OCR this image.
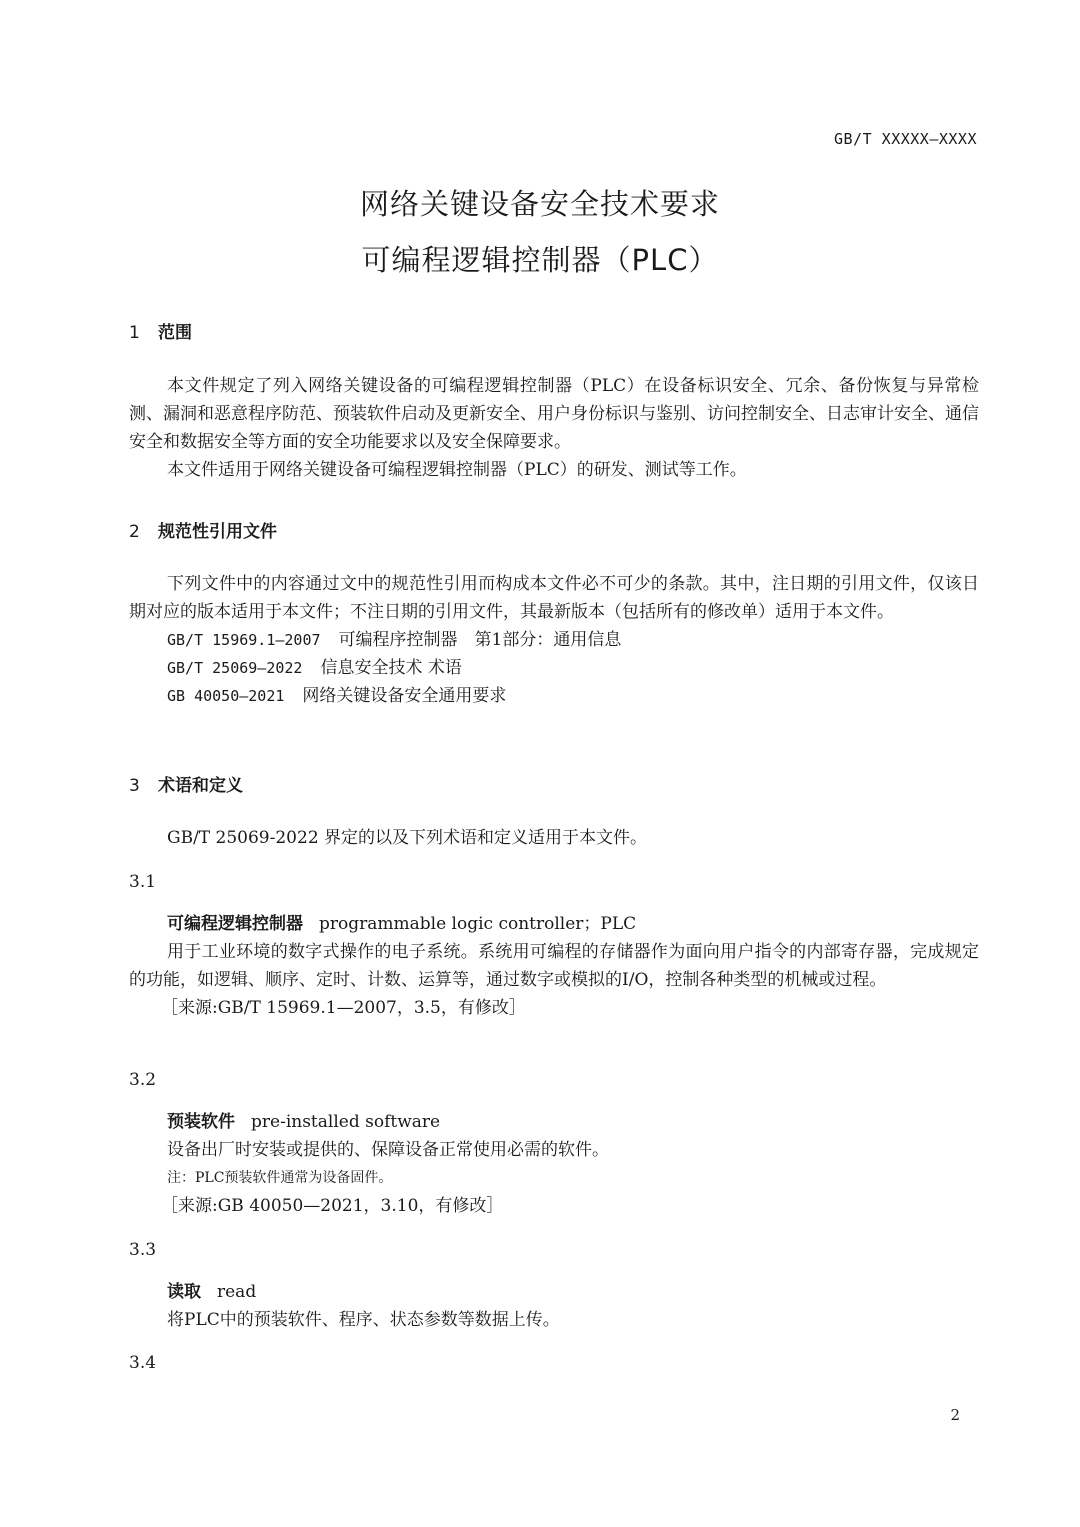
GB/T XXXXX—XXXX
网络关键设备安全技术要求
可编程逻辑控制器（PLC）
1 范围

本文件规定了列入网络关键设备的可编程逻辑控制器（PLC）在设备标识安全、冗余、备份恢复与异常检测、漏洞和恶意程序防范、预装软件启动及更新安全、用户身份标识与鉴别、访问控制安全、日志审计安全、通信安全和数据安全等方面的安全功能要求以及安全保障要求。

本文件适用于网络关键设备可编程逻辑控制器（PLC）的研发、测试等工作。

2 规范性引用文件

下列文件中的内容通过文中的规范性引用而构成本文件必不可少的条款。其中，注日期的引用文件，仅该日期对应的版本适用于本文件；不注日期的引用文件，其最新版本（包括所有的修改单）适用于本文件。

GB/T 15969.1—2007 可编程序控制器　第1部分：通用信息

GB/T 25069—2022 信息安全技术 术语

GB 40050—2021 网络关键设备安全通用要求

3 术语和定义

GB/T 25069-2022 界定的以及下列术语和定义适用于本文件。

3.1

可编程逻辑控制器 programmable logic controller；PLC

用于工业环境的数字式操作的电子系统。系统用可编程的存储器作为面向用户指令的内部寄存器，完成规定的功能，如逻辑、顺序、定时、计数、运算等，通过数字或模拟的I/O，控制各种类型的机械或过程。

［来源:GB/T 15969.1—2007，3.5，有修改］

3.2

预装软件 pre-installed software

设备出厂时安装或提供的、保障设备正常使用必需的软件。

注：PLC预装软件通常为设备固件。

［来源:GB 40050—2021，3.10，有修改］

3.3

读取 read

将PLC中的预装软件、程序、状态参数等数据上传。

3.4
2
